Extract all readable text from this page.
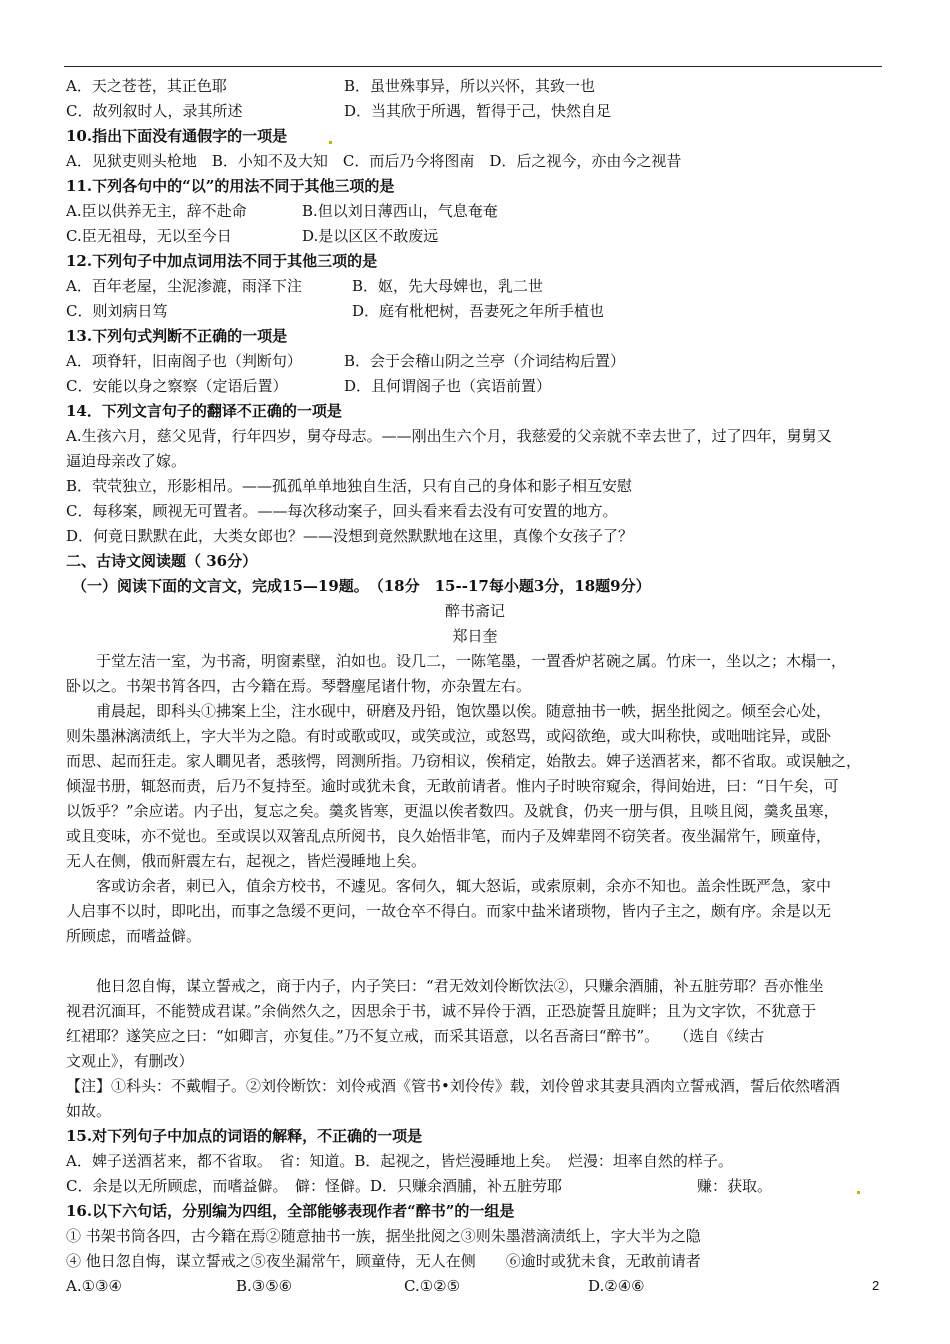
A．天之苍苍，其正色耶	B．虽世殊事异，所以兴怀，其致一也
C．故列叙时人，录其所述	D．当其欣于所遇，暂得于己，快然自足
10.指出下面没有通假字的一项是
A．见狱吏则头枪地　B．小知不及大知　C．而后乃今将图南　D．后之视今，亦由今之视昔
11.下列各句中的“以”的用法不同于其他三项的是
A.臣以供养无主，辞不赴命	B.但以刘日薄西山，气息奄奄
C.臣无祖母，无以至今日	D.是以区区不敢废远
12.下列句子中加点词用法不同于其他三项的是
A．百年老屋，尘泥渗漉，雨泽下注	B．妪，先大母婢也，乳二世
C．则刘病日笃	D．庭有枇杷树，吾妻死之年所手植也
13.下列句式判断不正确的一项是
A．项脊轩，旧南阁子也（判断句）	B．会于会稽山阴之兰亭（介词结构后置）
C．安能以身之察察（定语后置）	D．且何谓阁子也（宾语前置）
14．下列文言句子的翻译不正确的一项是
A.生孩六月，慈父见背，行年四岁，舅夺母志。——刚出生六个月，我慈爱的父亲就不幸去世了，过了四年，舅舅又
逼迫母亲改了嫁。
B．茕茕独立，形影相吊。——孤孤单单地独自生活，只有自己的身体和影子相互安慰
C．每移案，顾视无可置者。——每次移动案子，回头看来看去没有可安置的地方。
D．何竟日默默在此，大类女郎也？——没想到竟然默默地在这里，真像个女孩子了？
二、古诗文阅读题（ 36分）
（一）阅读下面的文言文，完成15—19题。　（18分　15--17每小题3分，18题9分）
醉书斋记
郑日奎
　　于堂左洁一室，为书斋，明窗素壁，泊如也。设几二，一陈笔墨，一置香炉茗碗之属。竹床一，坐以之；木榻一，
卧以之。书架书筲各四，古今籍在焉。琴磬麈尾诸什物，亦杂置左右。
　　甫晨起，即科头①拂案上尘，注水砚中，研磨及丹铅，饱饮墨以俟。随意抽书一帙，据坐批阅之。倾至会心处，
则朱墨淋漓渍纸上，字大半为之隐。有时或歌或叹，或笑或泣，或怒骂，或闷欲绝，或大叫称快，或咄咄诧异，或卧
而思、起而狂走。家人瞷见者，悉骇愕，罔测所指。乃窃相议，俟稍定，始散去。婢子送酒茗来，都不省取。或误触之，
倾湿书册，辄怒而责，后乃不复持至。逾时或犹未食，无敢前请者。惟内子时映帘窥余，得间始进，曰：“日午矣，可
以饭乎？”余应诺。内子出，复忘之矣。羹炙皆寒，更温以俟者数四。及就食，仍夹一册与俱，且啖且阅，羹炙虽寒，
或且变味，亦不觉也。至或误以双箸乱点所阅书，良久始悟非笔，而内子及婢辈罔不窃笑者。夜坐漏常午，顾童侍，
无人在侧，俄而鼾震左右，起视之，皆烂漫睡地上矣。
　　客或访余者，刺已入，值余方校书，不遽见。客伺久，辄大怒诟，或索原刺，余亦不知也。盖余性既严急，家中
人启事不以时，即叱出，而事之急缓不更问，一故仓卒不得白。而家中盐米诸琐物，皆内子主之，颇有序。余是以无
所顾虑，而嗜益僻。
　　他日忽自悔，谋立誓戒之，商于内子，内子笑曰：“君无效刘伶断饮法②，只赚余酒脯，补五脏劳耶？吾亦惟坐
视君沉湎耳，不能赞成君谋。”余倘然久之，因思余于书，诚不异伶于酒，正恐旋誓且旋畔；且为文字饮，不犹意于
红裙耶？遂笑应之曰：“如卿言，亦复佳。”乃不复立戒，而采其语意，以名吾斋曰“醉书”。　　（选自《续古
文观止》，有删改）
【注】①科头：不戴帽子。②刘伶断饮：刘伶戒酒《管书•刘伶传》载，刘伶曾求其妻具酒肉立誓戒酒，誓后依然嗜酒
如故。
15.对下列句子中加点的词语的解释，不正确的一项是
A．婢子送酒茗来，都不省取。　省：知道。B．起视之，皆烂漫睡地上矣。　烂漫：坦率自然的样子。
C．余是以无所顾虑，而嗜益僻。　僻：怪僻。D．只赚余酒脯，补五脏劳耶　　　　　　　　　赚：获取。
16.以下六句话，分别编为四组，全部能够表现作者“醉书”的一组是
① 书架书筒各四，古今籍在焉②随意抽书一族，据坐批阅之③则朱墨潜滴渍纸上，字大半为之隐
④ 他日忽自悔，谋立誓戒之⑤夜坐漏常午，顾童侍，无人在侧　　⑥逾时或犹未食，无敢前请者
A.①③④	B.③⑤⑥	C.①②⑤	D.②④⑥	2
